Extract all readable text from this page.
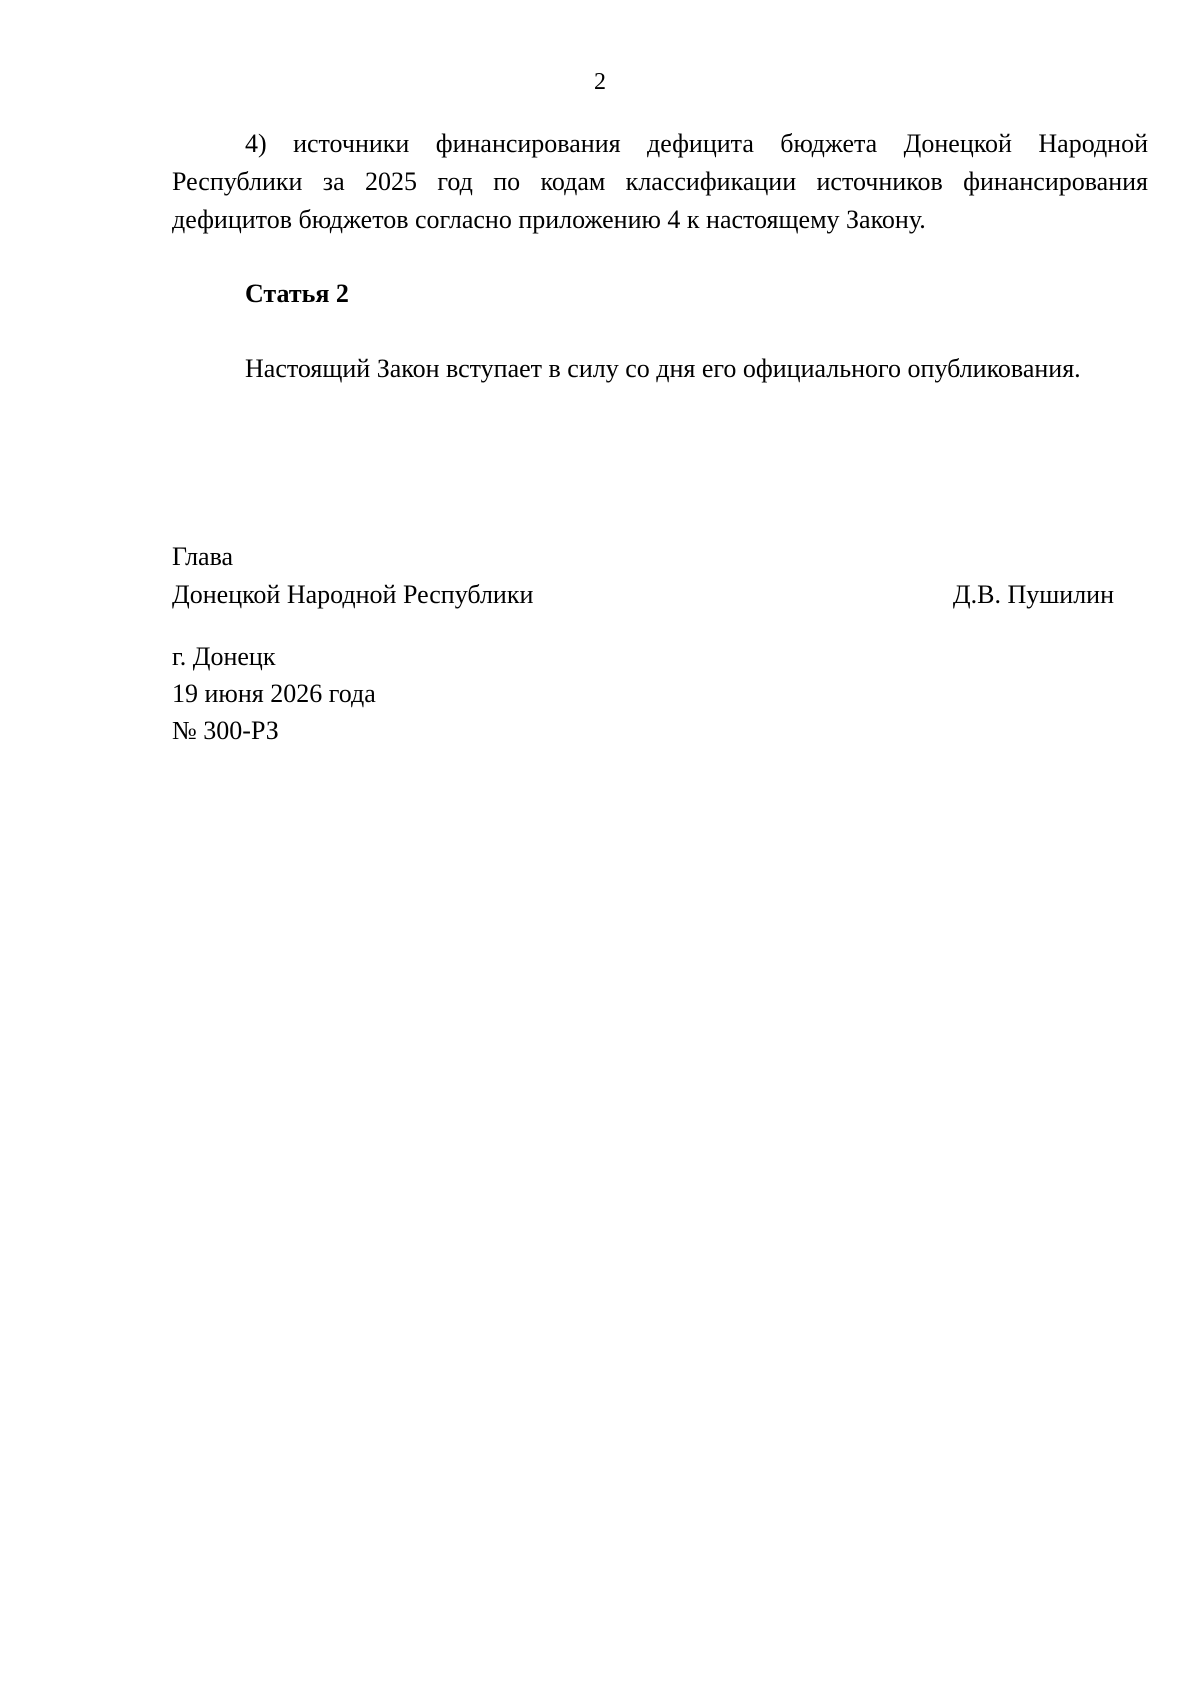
2

4) источники финансирования дефицита бюджета Донецкой Народной Республики за 2025 год по кодам классификации источников финансирования дефицитов бюджетов согласно приложению 4 к настоящему Закону.

Статья 2

Настоящий Закон вступает в силу со дня его официального опубликования.

Глава
Донецкой Народной Республики	Д.В. Пушилин
г. Донецк
19 июня 2026 года
№ 300-РЗ
